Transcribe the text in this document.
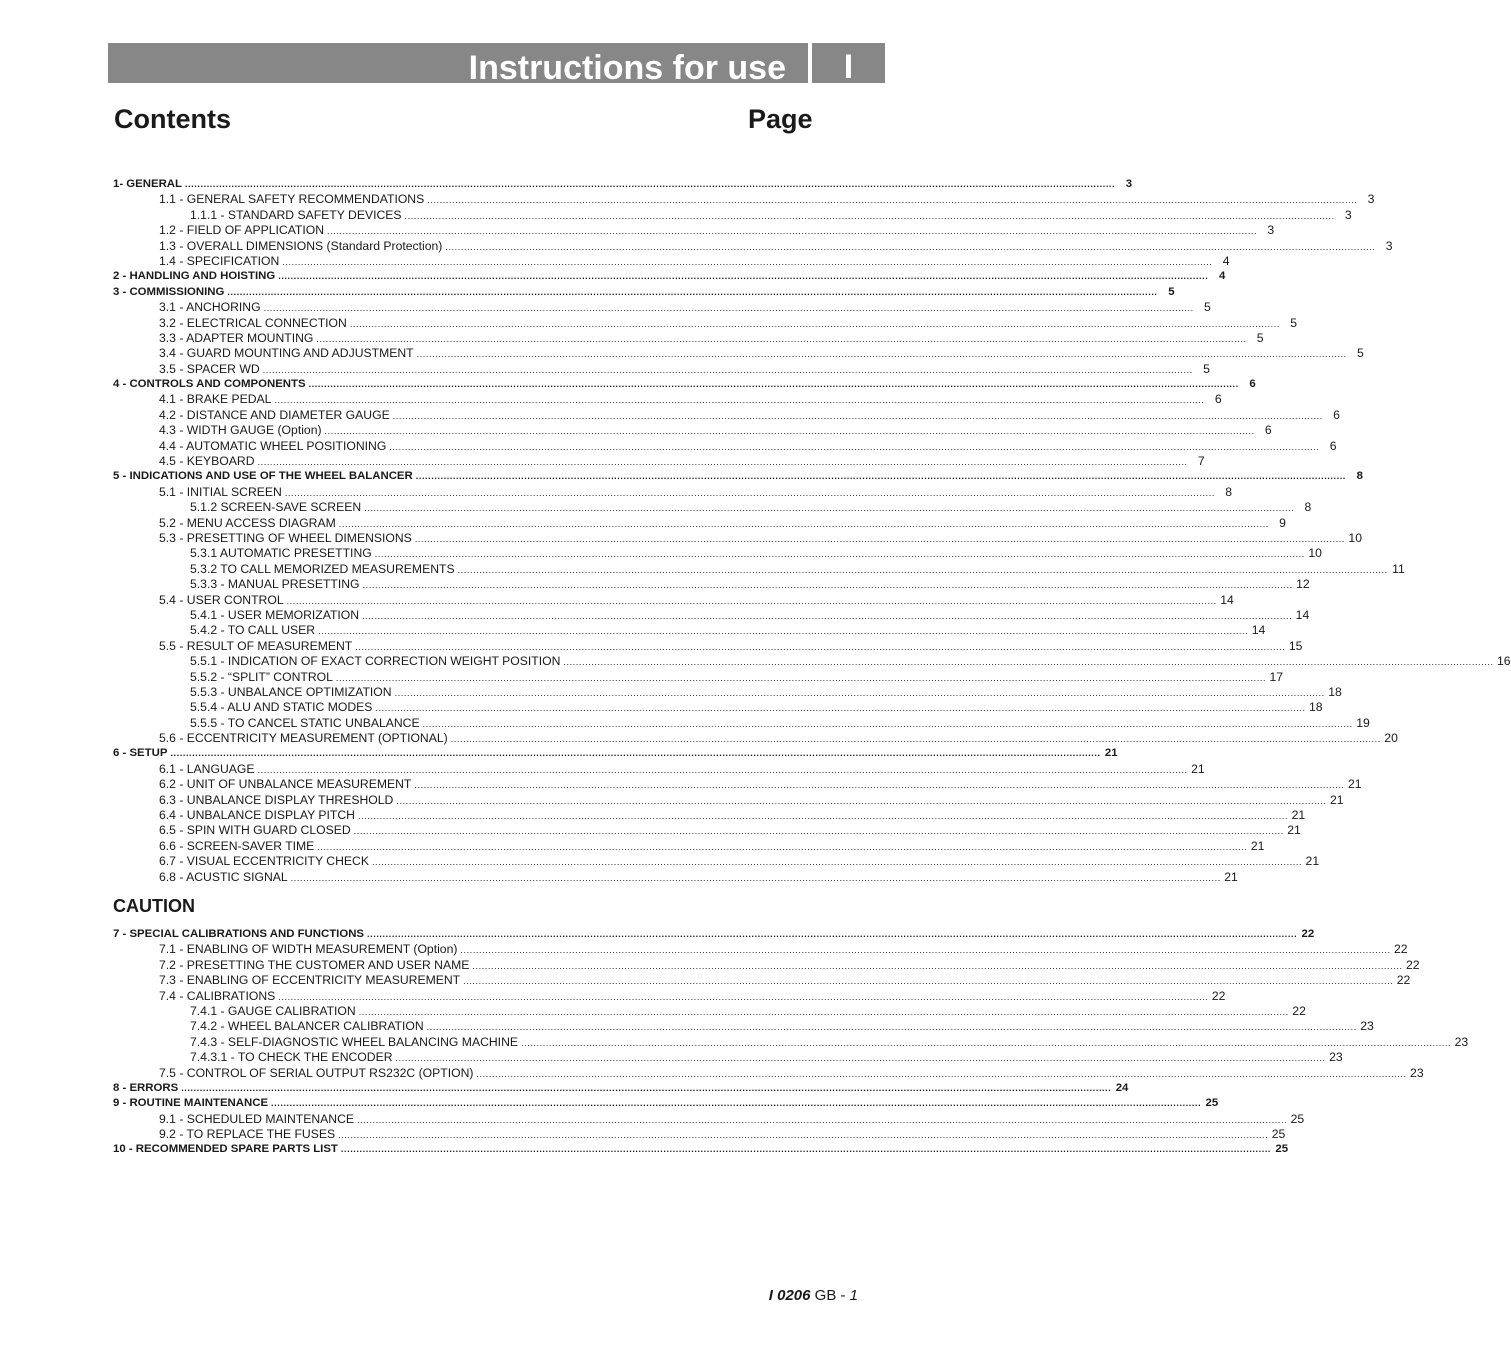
Instructions for use	I
Contents	Page
1- GENERAL ............................................................................................................................................................................................................................................................................................................ 3
1.1 - GENERAL SAFETY RECOMMENDATIONS ............................................................................................................................................................................................................................................................................................................ 3
1.1.1 - STANDARD SAFETY DEVICES ............................................................................................................................................................................................................................................................................................................ 3
1.2 - FIELD OF APPLICATION ............................................................................................................................................................................................................................................................................................................ 3
1.3 - OVERALL DIMENSIONS (Standard Protection) ............................................................................................................................................................................................................................................................................................................ 3
1.4 - SPECIFICATION ............................................................................................................................................................................................................................................................................................................ 4
2 - HANDLING AND HOISTING ............................................................................................................................................................................................................................................................................................................ 4
3 - COMMISSIONING ............................................................................................................................................................................................................................................................................................................ 5
3.1 - ANCHORING ............................................................................................................................................................................................................................................................................................................ 5
3.2 - ELECTRICAL CONNECTION ............................................................................................................................................................................................................................................................................................................ 5
3.3 - ADAPTER MOUNTING ............................................................................................................................................................................................................................................................................................................ 5
3.4 - GUARD MOUNTING AND ADJUSTMENT ............................................................................................................................................................................................................................................................................................................ 5
3.5 - SPACER WD ............................................................................................................................................................................................................................................................................................................ 5
4 - CONTROLS AND COMPONENTS ............................................................................................................................................................................................................................................................................................................ 6
4.1 - BRAKE PEDAL ............................................................................................................................................................................................................................................................................................................ 6
4.2 - DISTANCE AND DIAMETER GAUGE ............................................................................................................................................................................................................................................................................................................ 6
4.3 - WIDTH GAUGE (Option) ............................................................................................................................................................................................................................................................................................................ 6
4.4 - AUTOMATIC WHEEL POSITIONING ............................................................................................................................................................................................................................................................................................................ 6
4.5 - KEYBOARD ............................................................................................................................................................................................................................................................................................................ 7
5 - INDICATIONS AND USE OF THE WHEEL BALANCER ............................................................................................................................................................................................................................................................................................................ 8
5.1 - INITIAL SCREEN ............................................................................................................................................................................................................................................................................................................ 8
5.1.2 SCREEN-SAVE SCREEN ............................................................................................................................................................................................................................................................................................................ 8
5.2 - MENU ACCESS DIAGRAM ............................................................................................................................................................................................................................................................................................................ 9
5.3 - PRESETTING OF WHEEL DIMENSIONS ............................................................................................................................................................................................................................................................................................................ 10
5.3.1 AUTOMATIC PRESETTING ............................................................................................................................................................................................................................................................................................................ 10
5.3.2 TO CALL MEMORIZED MEASUREMENTS ............................................................................................................................................................................................................................................................................................................ 11
5.3.3 - MANUAL PRESETTING ............................................................................................................................................................................................................................................................................................................ 12
5.4 - USER CONTROL ............................................................................................................................................................................................................................................................................................................ 14
5.4.1 - USER MEMORIZATION ............................................................................................................................................................................................................................................................................................................ 14
5.4.2 - TO CALL USER ............................................................................................................................................................................................................................................................................................................ 14
5.5 - RESULT OF MEASUREMENT ............................................................................................................................................................................................................................................................................................................ 15
5.5.1 - INDICATION OF EXACT CORRECTION WEIGHT POSITION ............................................................................................................................................................................................................................................................................................................ 16
5.5.2 - “SPLIT” CONTROL ............................................................................................................................................................................................................................................................................................................ 17
5.5.3 - UNBALANCE OPTIMIZATION ............................................................................................................................................................................................................................................................................................................ 18
5.5.4 - ALU AND STATIC MODES ............................................................................................................................................................................................................................................................................................................ 18
5.5.5 - TO CANCEL STATIC UNBALANCE ............................................................................................................................................................................................................................................................................................................ 19
5.6 - ECCENTRICITY MEASUREMENT (OPTIONAL) ............................................................................................................................................................................................................................................................................................................ 20
6 - SETUP ............................................................................................................................................................................................................................................................................................................ 21
6.1 - LANGUAGE ............................................................................................................................................................................................................................................................................................................ 21
6.2 - UNIT OF UNBALANCE MEASUREMENT ............................................................................................................................................................................................................................................................................................................ 21
6.3 - UNBALANCE DISPLAY THRESHOLD ............................................................................................................................................................................................................................................................................................................ 21
6.4 - UNBALANCE DISPLAY PITCH ............................................................................................................................................................................................................................................................................................................ 21
6.5 - SPIN WITH GUARD CLOSED ............................................................................................................................................................................................................................................................................................................ 21
6.6 - SCREEN-SAVER TIME ............................................................................................................................................................................................................................................................................................................ 21
6.7 - VISUAL ECCENTRICITY CHECK ............................................................................................................................................................................................................................................................................................................ 21
6.8 - ACUSTIC SIGNAL ............................................................................................................................................................................................................................................................................................................ 21
CAUTION
7 - SPECIAL CALIBRATIONS AND FUNCTIONS ............................................................................................................................................................................................................................................................................................................ 22
7.1 - ENABLING OF WIDTH MEASUREMENT (Option) ............................................................................................................................................................................................................................................................................................................ 22
7.2 - PRESETTING THE CUSTOMER AND USER NAME ............................................................................................................................................................................................................................................................................................................ 22
7.3 - ENABLING OF ECCENTRICITY MEASUREMENT ............................................................................................................................................................................................................................................................................................................ 22
7.4 - CALIBRATIONS ............................................................................................................................................................................................................................................................................................................ 22
7.4.1 - GAUGE CALIBRATION ............................................................................................................................................................................................................................................................................................................ 22
7.4.2 - WHEEL BALANCER CALIBRATION ............................................................................................................................................................................................................................................................................................................ 23
7.4.3 - SELF-DIAGNOSTIC WHEEL BALANCING MACHINE ............................................................................................................................................................................................................................................................................................................ 23
7.4.3.1 - TO CHECK THE ENCODER ............................................................................................................................................................................................................................................................................................................ 23
7.5 - CONTROL OF SERIAL OUTPUT RS232C (OPTION) ............................................................................................................................................................................................................................................................................................................ 23
8 - ERRORS ............................................................................................................................................................................................................................................................................................................ 24
9 - ROUTINE MAINTENANCE ............................................................................................................................................................................................................................................................................................................ 25
9.1 - SCHEDULED MAINTENANCE ............................................................................................................................................................................................................................................................................................................ 25
9.2 - TO REPLACE THE FUSES ............................................................................................................................................................................................................................................................................................................ 25
10 - RECOMMENDED SPARE PARTS LIST ............................................................................................................................................................................................................................................................................................................ 25
I 0206 GB - 1
